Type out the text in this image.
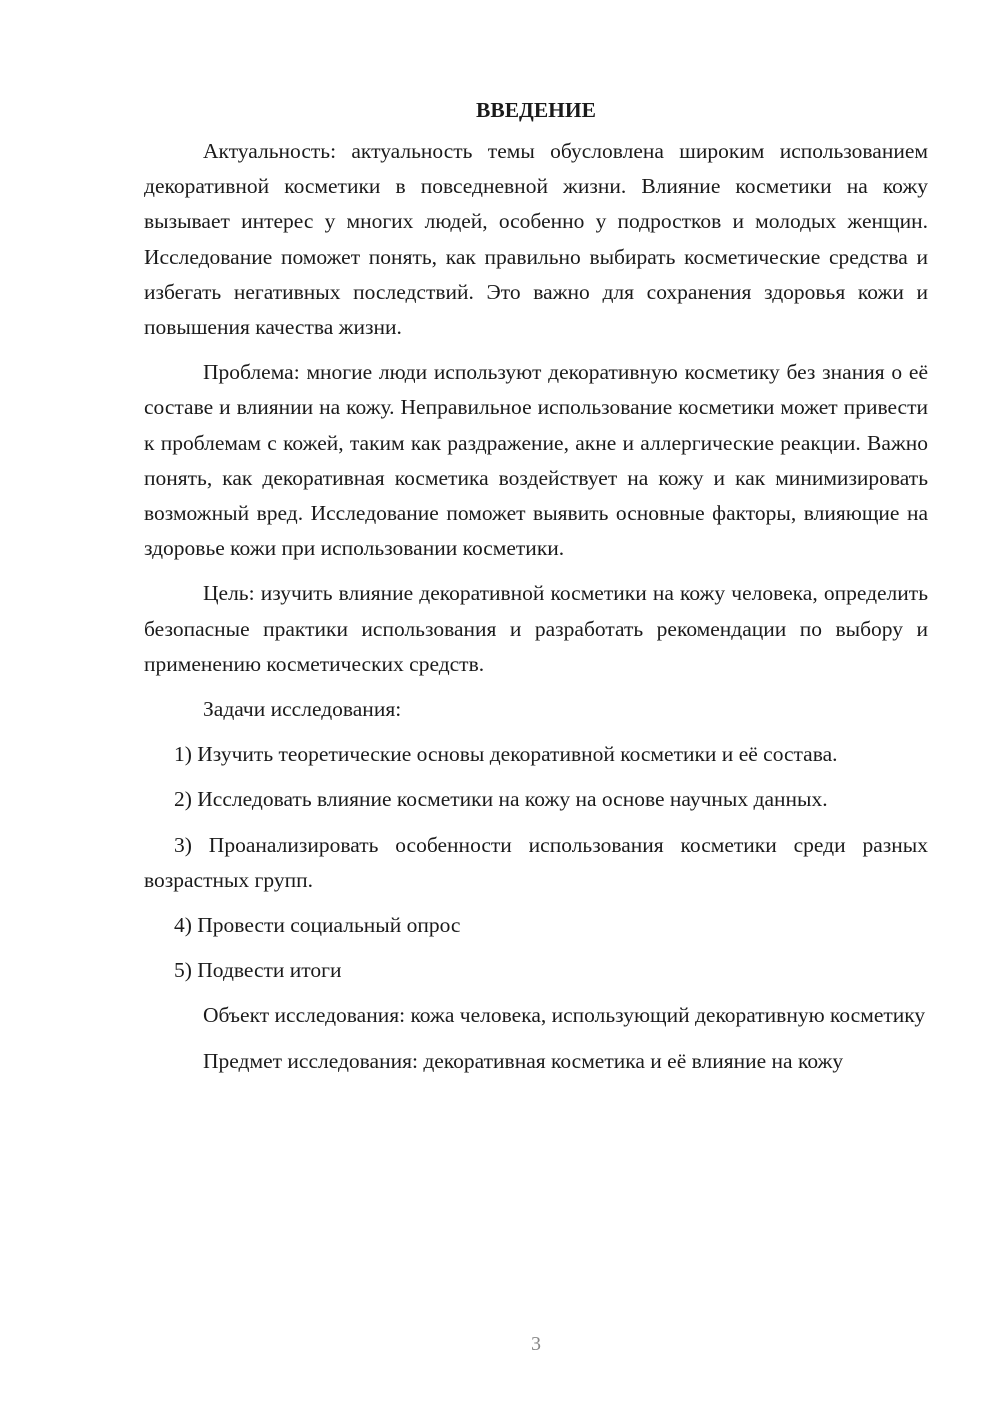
ВВЕДЕНИЕ

Актуальность: актуальность темы обусловлена широким использованием декоративной косметики в повседневной жизни. Влияние косметики на кожу вызывает интерес у многих людей, особенно у подростков и молодых женщин. Исследование поможет понять, как правильно выбирать косметические средства и избегать негативных последствий. Это важно для сохранения здоровья кожи и повышения качества жизни.

Проблема: многие люди используют декоративную косметику без знания о её составе и влиянии на кожу. Неправильное использование косметики может привести к проблемам с кожей, таким как раздражение, акне и аллергические реакции. Важно понять, как декоративная косметика воздействует на кожу и как минимизировать возможный вред. Исследование поможет выявить основные факторы, влияющие на здоровье кожи при использовании косметики.

Цель: изучить влияние декоративной косметики на кожу человека, определить безопасные практики использования и разработать рекомендации по выбору и применению косметических средств.

Задачи исследования:

1) Изучить теоретические основы декоративной косметики и её состава.

2) Исследовать влияние косметики на кожу на основе научных данных.

3) Проанализировать особенности использования косметики среди разных возрастных групп.

4) Провести социальный опрос

5) Подвести итоги

Объект исследования: кожа человека, использующий декоративную косметику

Предмет исследования: декоративная косметика и её влияние на кожу

3
